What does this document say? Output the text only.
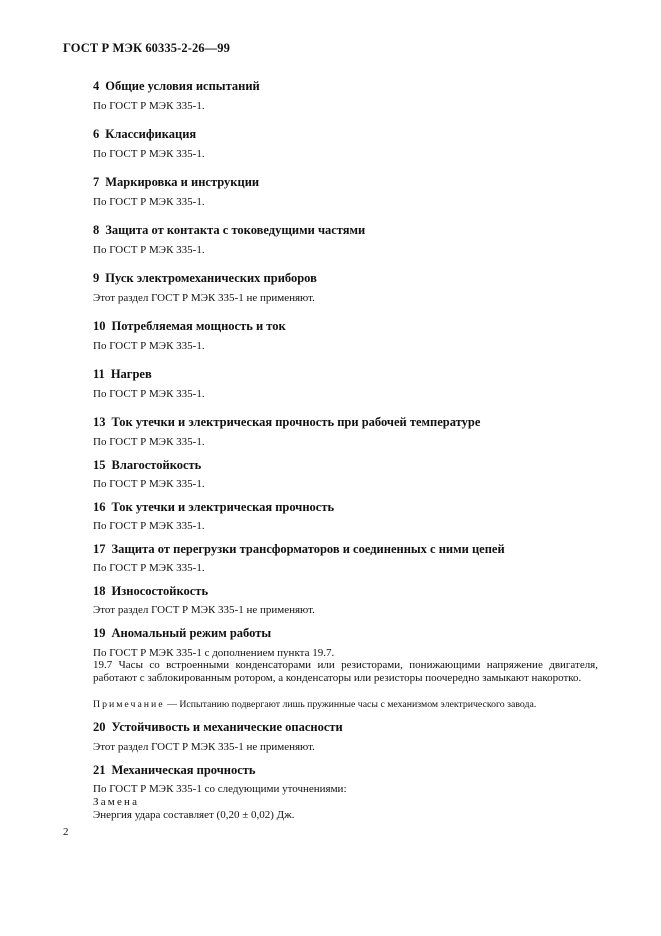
ГОСТ Р МЭК 60335-2-26—99
4 Общие условия испытаний
По ГОСТ Р МЭК 335-1.
6 Классификация
По ГОСТ Р МЭК 335-1.
7 Маркировка и инструкции
По ГОСТ Р МЭК 335-1.
8 Защита от контакта с токоведущими частями
По ГОСТ Р МЭК 335-1.
9 Пуск электромеханических приборов
Этот раздел ГОСТ Р МЭК 335-1 не применяют.
10 Потребляемая мощность и ток
По ГОСТ Р МЭК 335-1.
11 Нагрев
По ГОСТ Р МЭК 335-1.
13 Ток утечки и электрическая прочность при рабочей температуре
По ГОСТ Р МЭК 335-1.
15 Влагостойкость
По ГОСТ Р МЭК 335-1.
16 Ток утечки и электрическая прочность
По ГОСТ Р МЭК 335-1.
17 Защита от перегрузки трансформаторов и соединенных с ними цепей
По ГОСТ Р МЭК 335-1.
18 Износостойкость
Этот раздел ГОСТ Р МЭК 335-1 не применяют.
19 Аномальный режим работы
По ГОСТ Р МЭК 335-1 с дополнением пункта 19.7.
19.7 Часы со встроенными конденсаторами или резисторами, понижающими напряжение двигателя, работают с заблокированным ротором, а конденсаторы или резисторы поочередно замыкают накоротко.
Примечание — Испытанию подвергают лишь пружинные часы с механизмом электрического завода.
20 Устойчивость и механические опасности
Этот раздел ГОСТ Р МЭК 335-1 не применяют.
21 Механическая прочность
По ГОСТ Р МЭК 335-1 со следующими уточнениями:
Замена
Энергия удара составляет (0,20 ± 0,02) Дж.
2
